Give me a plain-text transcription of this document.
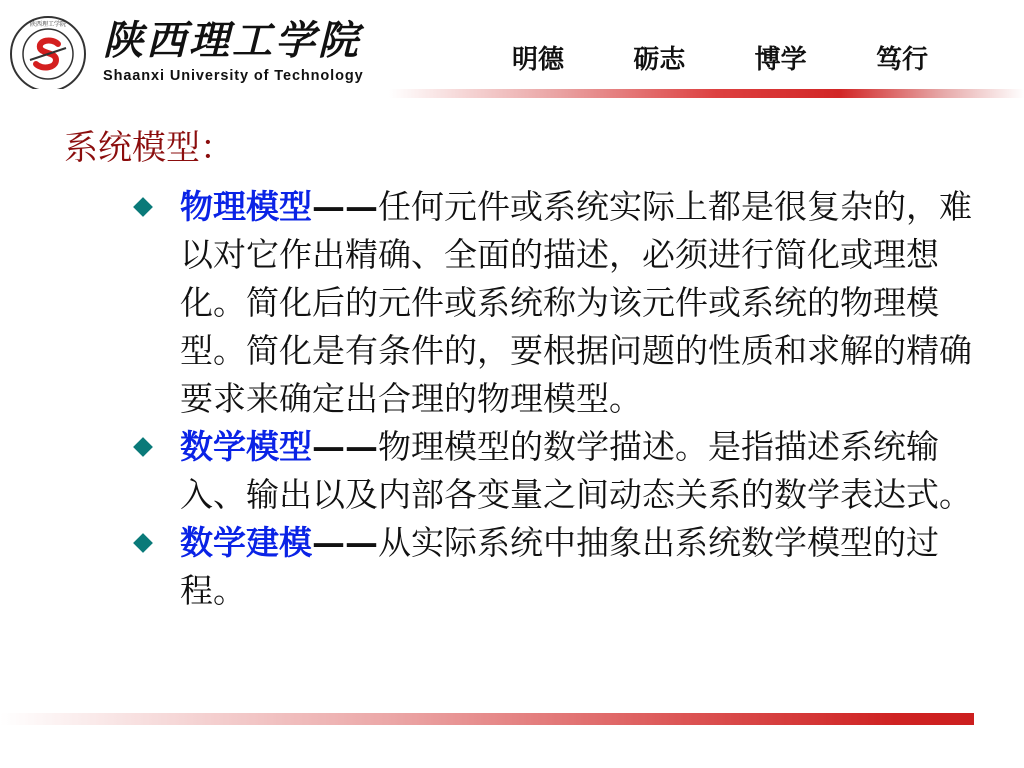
陕西理工学院 陕西理工学院
Shaanxi University of Technology
明德	砺志	博学	笃行
系统模型：
物理模型——任何元件或系统实际上都是很复杂的，难以对它作出精确、全面的描述，必须进行简化或理想化。简化后的元件或系统称为该元件或系统的物理模型。简化是有条件的，要根据问题的性质和求解的精确要求来确定出合理的物理模型。
数学模型——物理模型的数学描述。是指描述系统输入、输出以及内部各变量之间动态关系的数学表达式。
数学建模——从实际系统中抽象出系统数学模型的过程。
